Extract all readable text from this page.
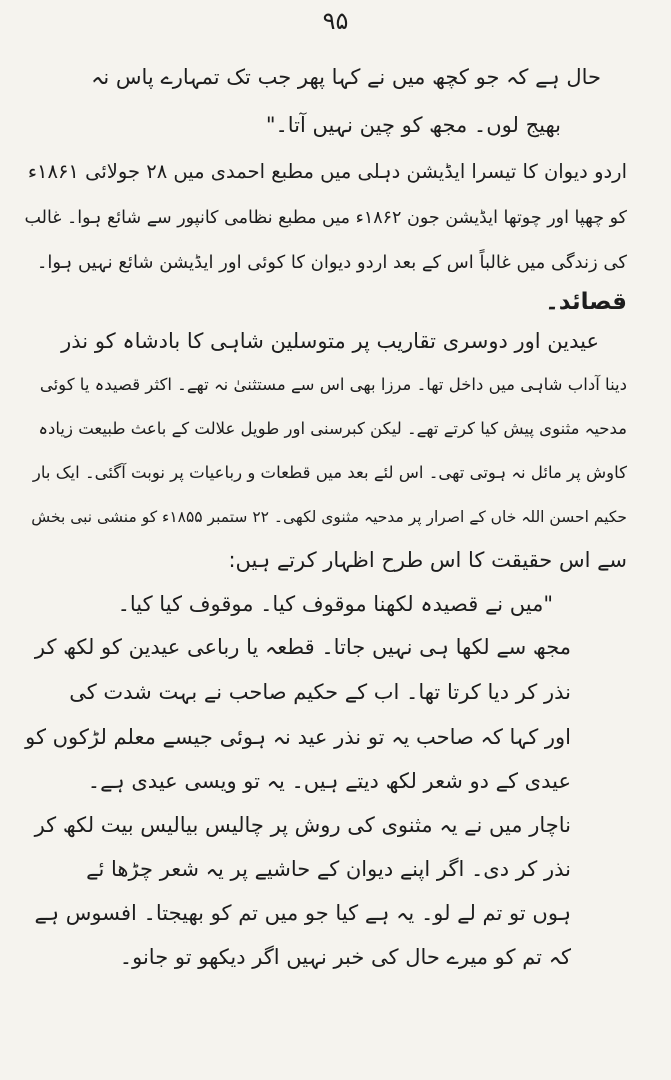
۹۵
حال ہے کہ جو کچھ میں نے کہا پھر جب تک تمہارے پاس نہ
بھیج لوں۔ مجھ کو چین نہیں آتا۔"
اردو دیوان کا تیسرا ایڈیشن دہلی میں مطبع احمدی میں ۲۸ جولائی ۱۸۶۱ء
کو چھپا اور چوتھا ایڈیشن جون ۱۸۶۲ء میں مطبع نظامی کانپور سے شائع ہوا۔ غالب
کی زندگی میں غالباً اس کے بعد اردو دیوان کا کوئی اور ایڈیشن شائع نہیں ہوا۔
قصائد۔
عیدین اور دوسری تقاریب پر متوسلین شاہی کا بادشاہ کو نذر
دینا آداب شاہی میں داخل تھا۔ مرزا بھی اس سے مستثنیٰ نہ تھے۔ اکثر قصیدہ یا کوئی
مدحیہ مثنوی پیش کیا کرتے تھے۔ لیکن کبرسنی اور طویل علالت کے باعث طبیعت زیادہ
کاوش پر مائل نہ ہوتی تھی۔ اس لئے بعد میں قطعات و رباعیات پر نوبت آگئی۔ ایک بار
حکیم احسن اللہ خاں کے اصرار پر مدحیہ مثنوی لکھی۔ ۲۲ ستمبر ۱۸۵۵ء کو منشی نبی بخش
سے اس حقیقت کا اس طرح اظہار کرتے ہیں:
"میں نے قصیدہ لکھنا موقوف کیا۔ موقوف کیا کیا۔
مجھ سے لکھا ہی نہیں جاتا۔ قطعہ یا رباعی عیدین کو لکھ کر
نذر کر دیا کرتا تھا۔ اب کے حکیم صاحب نے بہت شدت کی
اور کہا کہ صاحب یہ تو نذر عید نہ ہوئی جیسے معلم لڑکوں کو
عیدی کے دو شعر لکھ دیتے ہیں۔ یہ تو ویسی عیدی ہے۔
ناچار میں نے یہ مثنوی کی روش پر چالیس بیالیس بیت لکھ کر
نذر کر دی۔ اگر اپنے دیوان کے حاشیے پر یہ شعر چڑھا ئے
ہوں تو تم لے لو۔ یہ ہے کیا جو میں تم کو بھیجتا۔ افسوس ہے
کہ تم کو میرے حال کی خبر نہیں اگر دیکھو تو جانو۔
